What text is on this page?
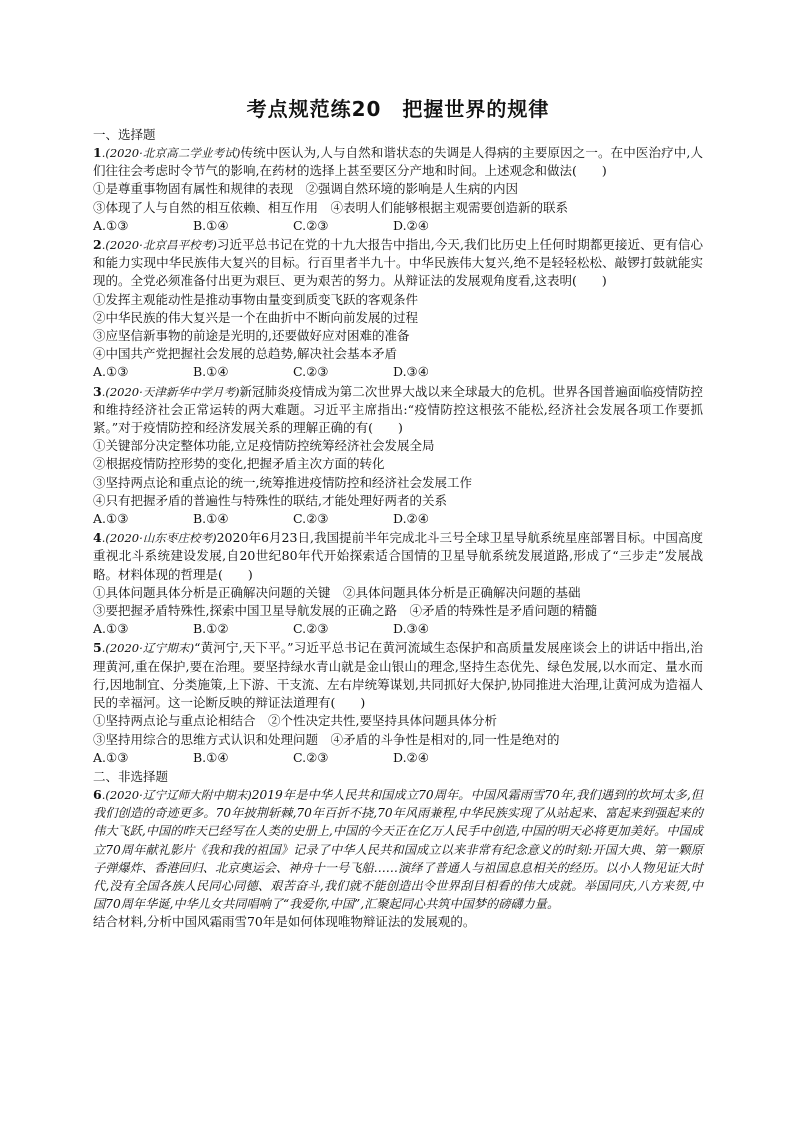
考点规范练20　把握世界的规律

一、选择题

1.(2020·北京高二学业考试)传统中医认为,人与自然和谐状态的失调是人得病的主要原因之一。在中医治疗中,人们往往会考虑时令节气的影响,在药材的选择上甚至要区分产地和时间。上述观念和做法(　　)

①是尊重事物固有属性和规律的表现　②强调自然环境的影响是人生病的内因

③体现了人与自然的相互依赖、相互作用　④表明人们能够根据主观需要创造新的联系

A.①③	B.①④	C.②③	D.②④

2.(2020·北京昌平校考)习近平总书记在党的十九大报告中指出,今天,我们比历史上任何时期都更接近、更有信心和能力实现中华民族伟大复兴的目标。行百里者半九十。中华民族伟大复兴,绝不是轻轻松松、敲锣打鼓就能实现的。全党必须准备付出更为艰巨、更为艰苦的努力。从辩证法的发展观角度看,这表明(　　)

①发挥主观能动性是推动事物由量变到质变飞跃的客观条件

②中华民族的伟大复兴是一个在曲折中不断向前发展的过程

③应坚信新事物的前途是光明的,还要做好应对困难的准备

④中国共产党把握社会发展的总趋势,解决社会基本矛盾

A.①③	B.①④	C.②③	D.③④

3.(2020·天津新华中学月考)新冠肺炎疫情成为第二次世界大战以来全球最大的危机。世界各国普遍面临疫情防控和维持经济社会正常运转的两大难题。习近平主席指出:“疫情防控这根弦不能松,经济社会发展各项工作要抓紧。”对于疫情防控和经济发展关系的理解正确的有(　　)

①关键部分决定整体功能,立足疫情防控统筹经济社会发展全局

②根据疫情防控形势的变化,把握矛盾主次方面的转化

③坚持两点论和重点论的统一,统筹推进疫情防控和经济社会发展工作

④只有把握矛盾的普遍性与特殊性的联结,才能处理好两者的关系

A.①③	B.①④	C.②③	D.②④

4.(2020·山东枣庄校考)2020年6月23日,我国提前半年完成北斗三号全球卫星导航系统星座部署目标。中国高度重视北斗系统建设发展,自20世纪80年代开始探索适合国情的卫星导航系统发展道路,形成了“三步走”发展战略。材料体现的哲理是(　　)

①具体问题具体分析是正确解决问题的关键　②具体问题具体分析是正确解决问题的基础

③要把握矛盾特殊性,探索中国卫星导航发展的正确之路　④矛盾的特殊性是矛盾问题的精髓

A.①③	B.①②	C.②③	D.③④

5.(2020·辽宁期末)“黄河宁,天下平。”习近平总书记在黄河流域生态保护和高质量发展座谈会上的讲话中指出,治理黄河,重在保护,要在治理。要坚持绿水青山就是金山银山的理念,坚持生态优先、绿色发展,以水而定、量水而行,因地制宜、分类施策,上下游、干支流、左右岸统筹谋划,共同抓好大保护,协同推进大治理,让黄河成为造福人民的幸福河。这一论断反映的辩证法道理有(　　)

①坚持两点论与重点论相结合　②个性决定共性,要坚持具体问题具体分析

③坚持用综合的思维方式认识和处理问题　④矛盾的斗争性是相对的,同一性是绝对的

A.①③	B.①④	C.②③	D.②④

二、非选择题

6.(2020·辽宁辽师大附中期末)2019年是中华人民共和国成立70周年。中国风霜雨雪70年,我们遇到的坎坷太多,但我们创造的奇迹更多。70年披荆斩棘,70年百折不挠,70年风雨兼程,中华民族实现了从站起来、富起来到强起来的伟大飞跃,中国的昨天已经写在人类的史册上,中国的今天正在亿万人民手中创造,中国的明天必将更加美好。中国成立70周年献礼影片《我和我的祖国》记录了中华人民共和国成立以来非常有纪念意义的时刻:开国大典、第一颗原子弹爆炸、香港回归、北京奥运会、神舟十一号飞船……演绎了普通人与祖国息息相关的经历。以小人物见证大时代,没有全国各族人民同心同德、艰苦奋斗,我们就不能创造出令世界刮目相看的伟大成就。举国同庆,八方来贺,中国70周年华诞,中华儿女共同唱响了“我爱你,中国”,汇聚起同心共筑中国梦的磅礴力量。

结合材料,分析中国风霜雨雪70年是如何体现唯物辩证法的发展观的。
